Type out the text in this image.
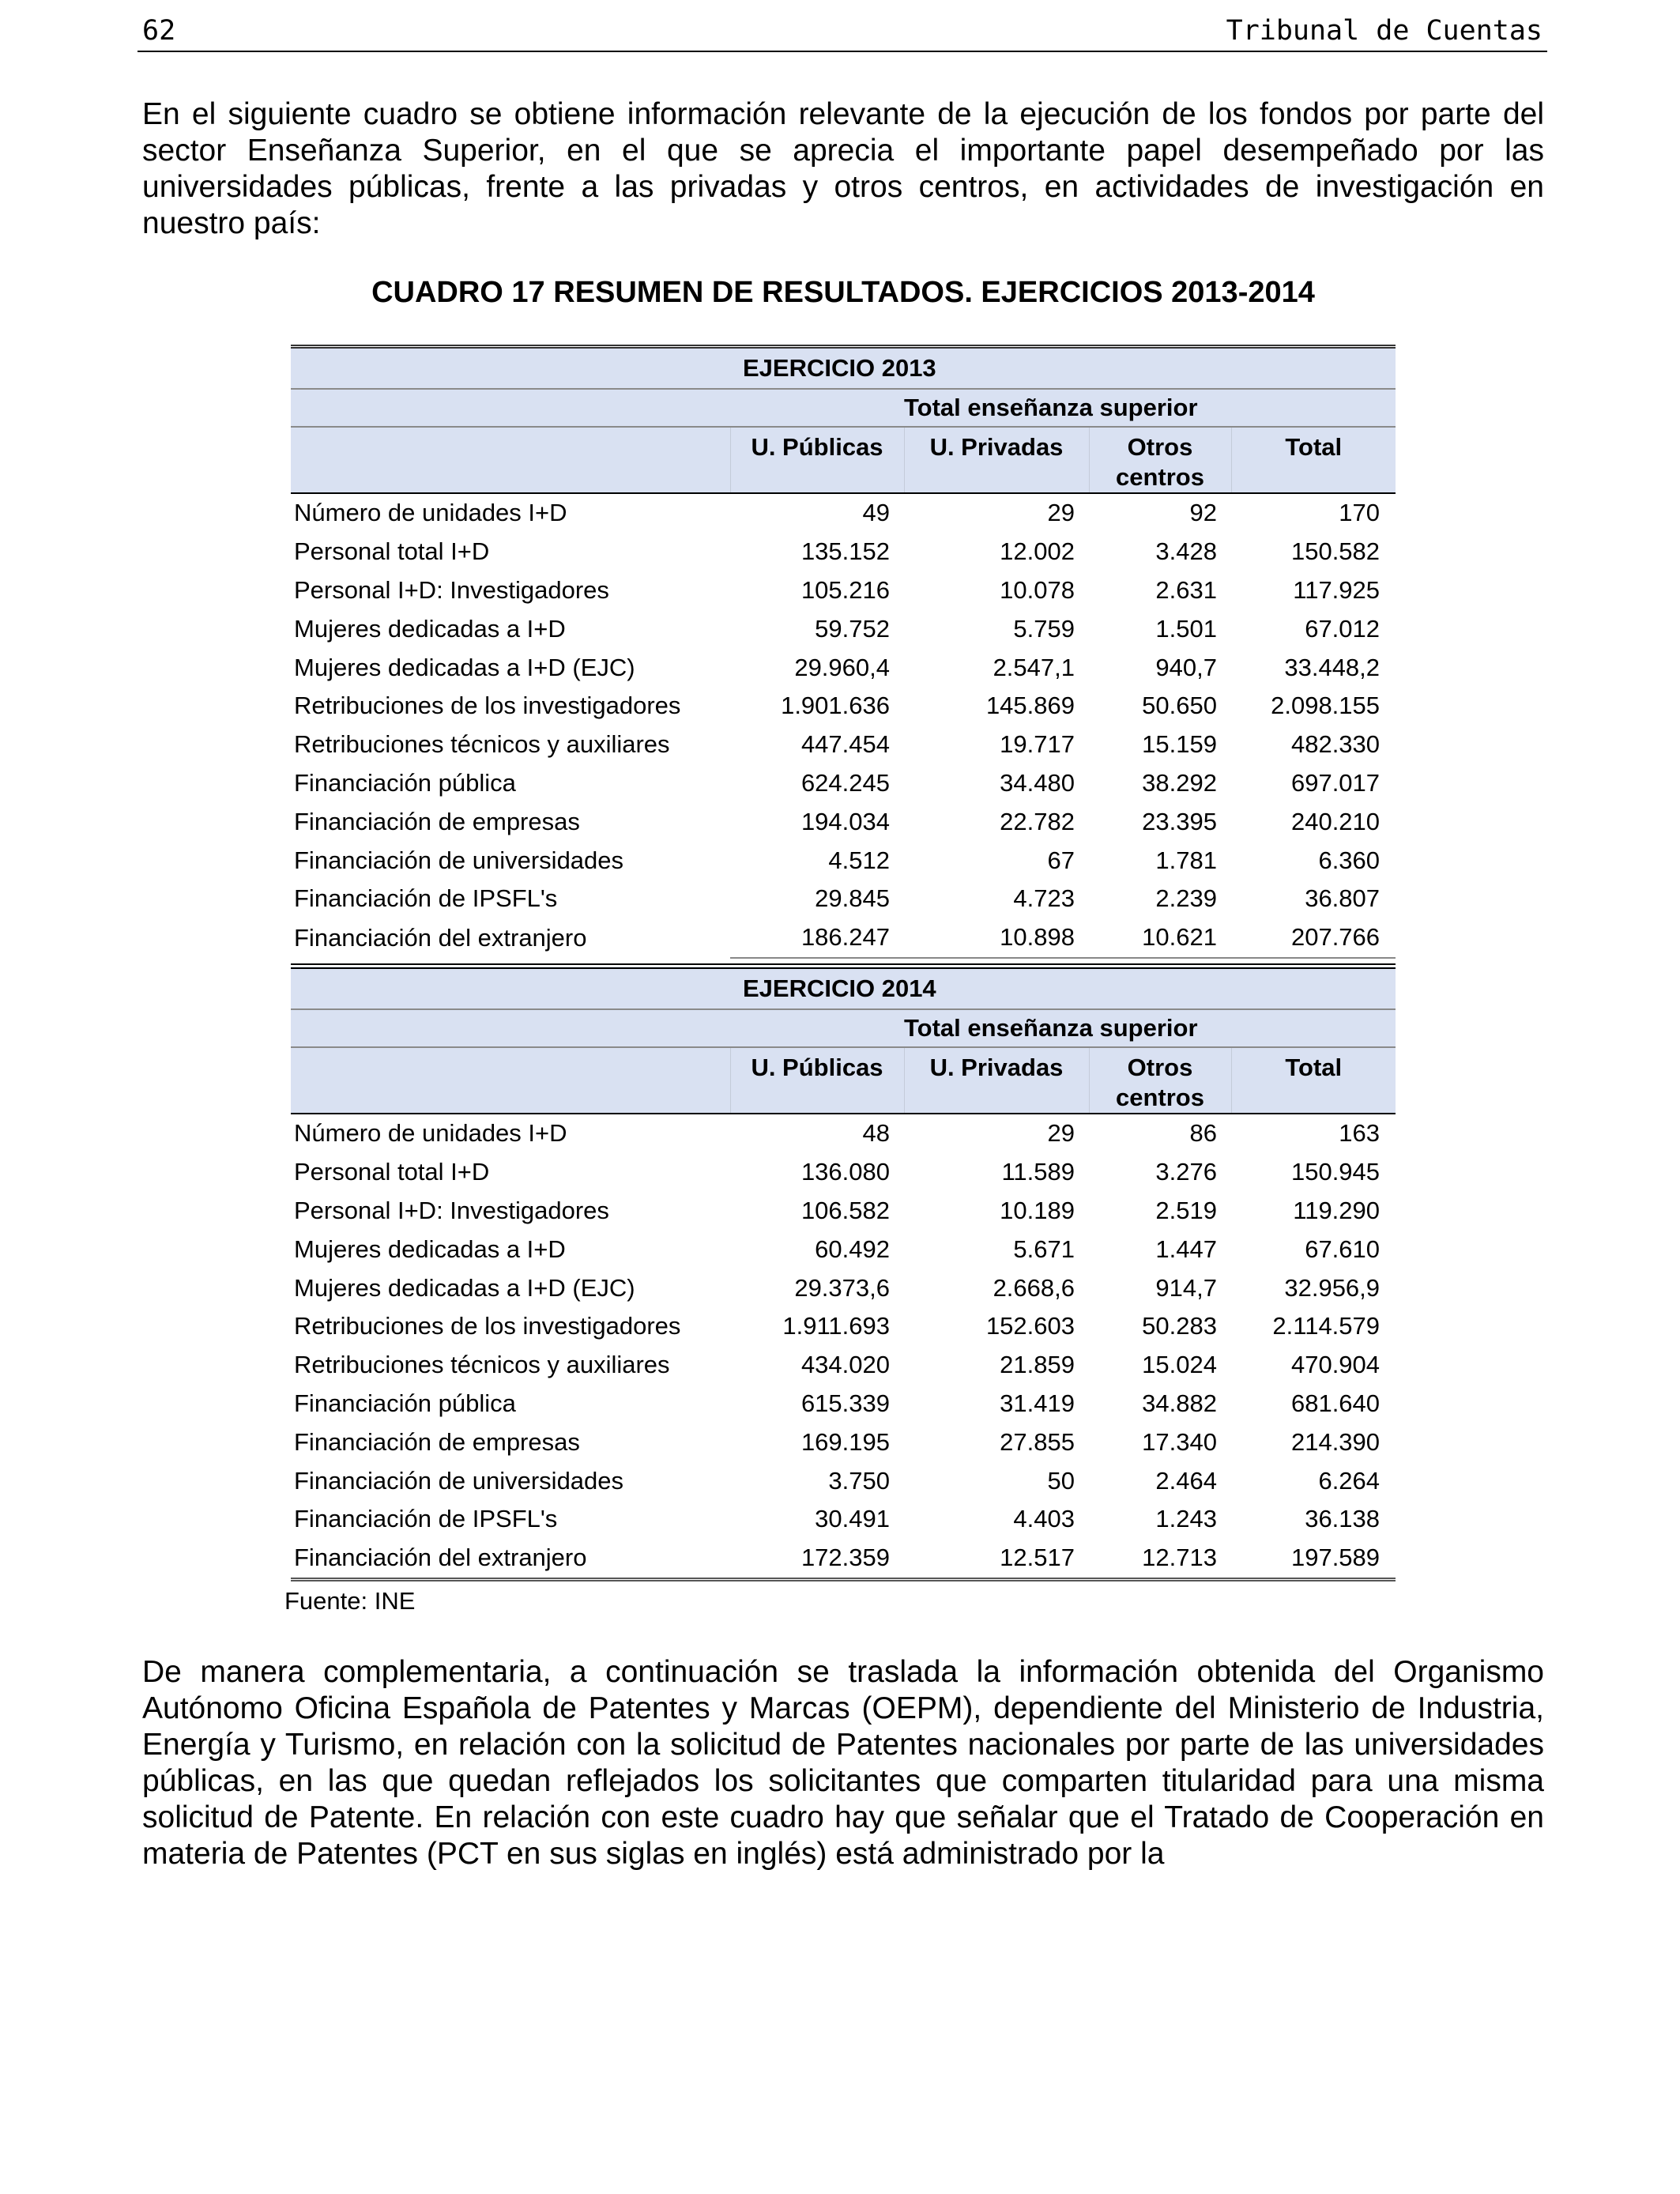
62	Tribunal de Cuentas

En el siguiente cuadro se obtiene información relevante de la ejecución de los fondos por parte del sector Enseñanza Superior, en el que se aprecia el importante papel desempeñado por las universidades públicas, frente a las privadas y otros centros, en actividades de investigación en nuestro país:

CUADRO 17 RESUMEN DE RESULTADOS. EJERCICIOS 2013-2014
EJERCICIO 2013				
Total enseñanza superior				
	U. Públicas	U. Privadas	Otros centros	Total
Número de unidades I+D	49	29	92	170
Personal total I+D	135.152	12.002	3.428	150.582
Personal I+D: Investigadores	105.216	10.078	2.631	117.925
Mujeres dedicadas a I+D	59.752	5.759	1.501	67.012
Mujeres dedicadas a I+D (EJC)	29.960,4	2.547,1	940,7	33.448,2
Retribuciones de los investigadores	1.901.636	145.869	50.650	2.098.155
Retribuciones técnicos y auxiliares	447.454	19.717	15.159	482.330
Financiación pública	624.245	34.480	38.292	697.017
Financiación de empresas	194.034	22.782	23.395	240.210
Financiación de universidades	4.512	67	1.781	6.360
Financiación de IPSFL's	29.845	4.723	2.239	36.807
Financiación del extranjero	186.247	10.898	10.621	207.766
EJERCICIO 2014				
Total enseñanza superior				
	U. Públicas	U. Privadas	Otros centros	Total
Número de unidades I+D	48	29	86	163
Personal total I+D	136.080	11.589	3.276	150.945
Personal I+D: Investigadores	106.582	10.189	2.519	119.290
Mujeres dedicadas a I+D	60.492	5.671	1.447	67.610
Mujeres dedicadas a I+D (EJC)	29.373,6	2.668,6	914,7	32.956,9
Retribuciones de los investigadores	1.911.693	152.603	50.283	2.114.579
Retribuciones técnicos y auxiliares	434.020	21.859	15.024	470.904
Financiación pública	615.339	31.419	34.882	681.640
Financiación de empresas	169.195	27.855	17.340	214.390
Financiación de universidades	3.750	50	2.464	6.264
Financiación de IPSFL's	30.491	4.403	1.243	36.138
Financiación del extranjero	172.359	12.517	12.713	197.589
Fuente: INE

De manera complementaria, a continuación se traslada la información obtenida del Organismo Autónomo Oficina Española de Patentes y Marcas (OEPM), dependiente del Ministerio de Industria, Energía y Turismo, en relación con la solicitud de Patentes nacionales por parte de las universidades públicas, en las que quedan reflejados los solicitantes que comparten titularidad para una misma solicitud de Patente. En relación con este cuadro hay que señalar que el Tratado de Cooperación en materia de Patentes (PCT en sus siglas en inglés) está administrado por la
